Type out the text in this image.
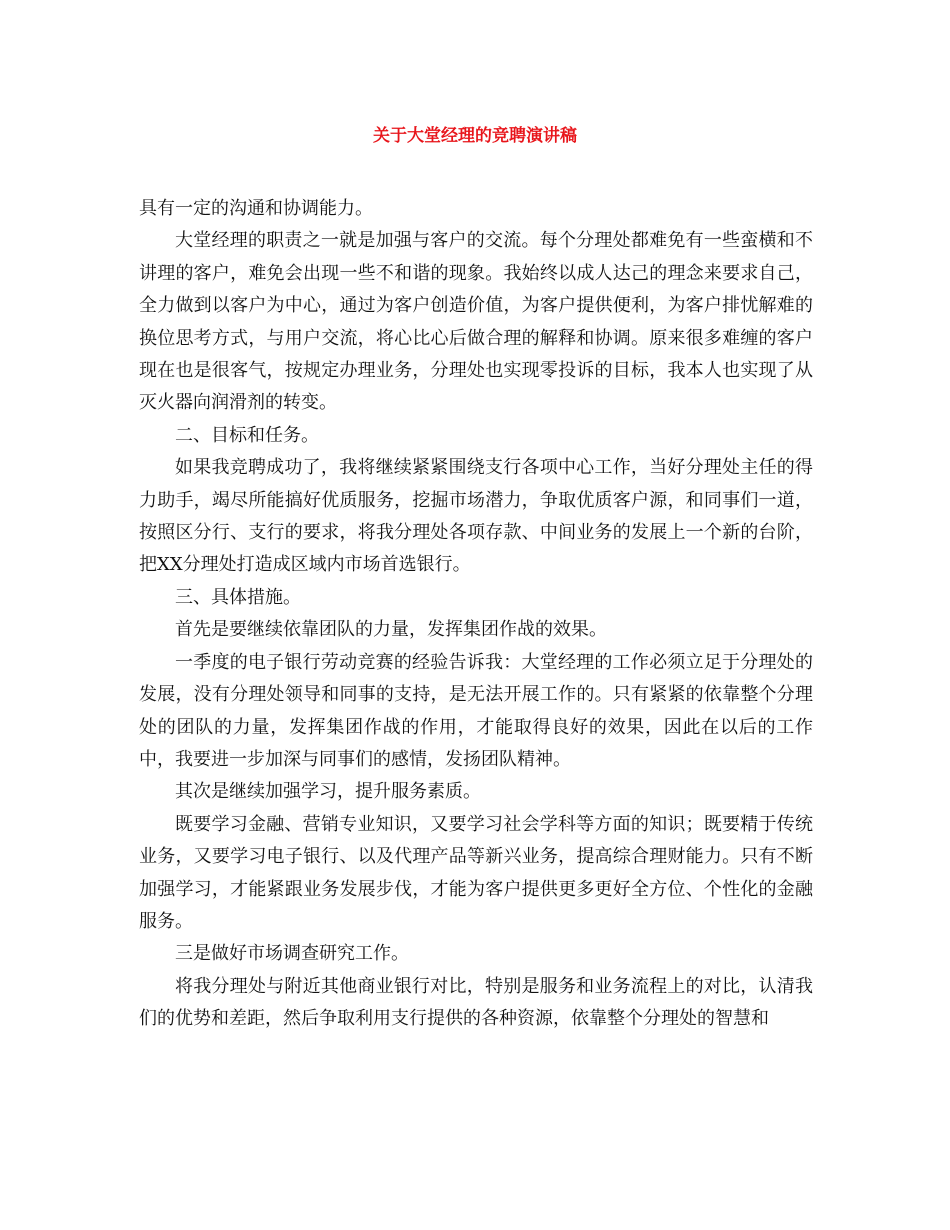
关于大堂经理的竞聘演讲稿

具有一定的沟通和协调能力。

大堂经理的职责之一就是加强与客户的交流。每个分理处都难免有一些蛮横和不讲理的客户，难免会出现一些不和谐的现象。我始终以成人达己的理念来要求自己，全力做到以客户为中心，通过为客户创造价值，为客户提供便利，为客户排忧解难的换位思考方式，与用户交流，将心比心后做合理的解释和协调。原来很多难缠的客户现在也是很客气，按规定办理业务，分理处也实现零投诉的目标，我本人也实现了从灭火器向润滑剂的转变。

二、目标和任务。

如果我竞聘成功了，我将继续紧紧围绕支行各项中心工作，当好分理处主任的得力助手，竭尽所能搞好优质服务，挖掘市场潜力，争取优质客户源，和同事们一道，按照区分行、支行的要求，将我分理处各项存款、中间业务的发展上一个新的台阶，把XX分理处打造成区域内市场首选银行。

三、具体措施。

首先是要继续依靠团队的力量，发挥集团作战的效果。

一季度的电子银行劳动竞赛的经验告诉我：大堂经理的工作必须立足于分理处的发展，没有分理处领导和同事的支持，是无法开展工作的。只有紧紧的依靠整个分理处的团队的力量，发挥集团作战的作用，才能取得良好的效果，因此在以后的工作中，我要进一步加深与同事们的感情，发扬团队精神。

其次是继续加强学习，提升服务素质。

既要学习金融、营销专业知识，又要学习社会学科等方面的知识；既要精于传统业务，又要学习电子银行、以及代理产品等新兴业务，提高综合理财能力。只有不断加强学习，才能紧跟业务发展步伐，才能为客户提供更多更好全方位、个性化的金融服务。

三是做好市场调查研究工作。

将我分理处与附近其他商业银行对比，特别是服务和业务流程上的对比，认清我们的优势和差距，然后争取利用支行提供的各种资源，依靠整个分理处的智慧和
